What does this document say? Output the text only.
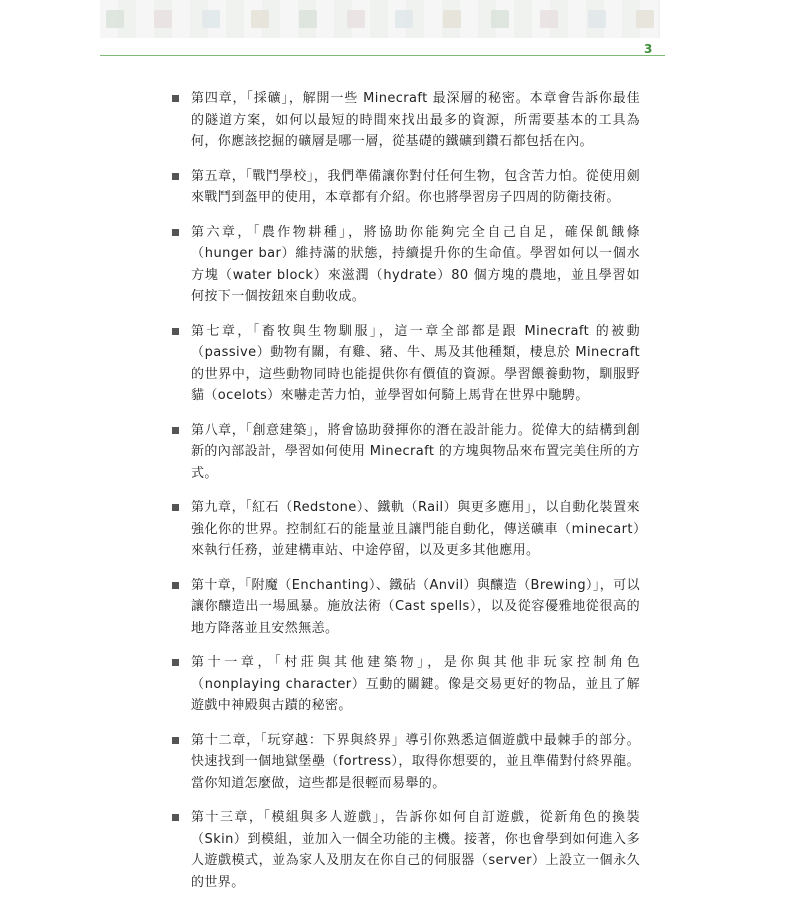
3
第四章，「採礦」，解開一些 Minecraft 最深層的秘密。本章會告訴你最佳的隧道方案，如何以最短的時間來找出最多的資源，所需要基本的工具為何，你應該挖掘的礦層是哪一層，從基礎的鐵礦到鑽石都包括在內。
第五章，「戰鬥學校」，我們準備讓你對付任何生物，包含苦力怕。從使用劍來戰鬥到盔甲的使用，本章都有介紹。你也將學習房子四周的防衛技術。
第六章，「農作物耕種」，將協助你能夠完全自己自足，確保飢餓條（hunger bar）維持滿的狀態，持續提升你的生命值。學習如何以一個水方塊（water block）來滋潤（hydrate）80 個方塊的農地，並且學習如何按下一個按鈕來自動收成。
第七章，「畜牧與生物馴服」，這一章全部都是跟 Minecraft 的被動（passive）動物有關，有雞、豬、牛、馬及其他種類，棲息於 Minecraft 的世界中，這些動物同時也能提供你有價值的資源。學習餵養動物，馴服野貓（ocelots）來嚇走苦力怕，並學習如何騎上馬背在世界中馳騁。
第八章，「創意建築」，將會協助發揮你的潛在設計能力。從偉大的結構到創新的內部設計，學習如何使用 Minecraft 的方塊與物品來布置完美住所的方式。
第九章，「紅石（Redstone）、鐵軌（Rail）與更多應用」，以自動化裝置來強化你的世界。控制紅石的能量並且讓門能自動化，傳送礦車（minecart）來執行任務，並建構車站、中途停留，以及更多其他應用。
第十章，「附魔（Enchanting）、鐵砧（Anvil）與釀造（Brewing）」，可以讓你釀造出一場風暴。施放法術（Cast spells），以及從容優雅地從很高的地方降落並且安然無恙。
第十一章，「村莊與其他建築物」，是你與其他非玩家控制角色（nonplaying character）互動的關鍵。像是交易更好的物品，並且了解遊戲中神殿與古蹟的秘密。
第十二章，「玩穿越：下界與終界」導引你熟悉這個遊戲中最棘手的部分。快速找到一個地獄堡壘（fortress），取得你想要的，並且準備對付終界龍。當你知道怎麼做，這些都是很輕而易舉的。
第十三章，「模組與多人遊戲」，告訴你如何自訂遊戲，從新角色的換裝（Skin）到模組，並加入一個全功能的主機。接著，你也會學到如何進入多人遊戲模式，並為家人及朋友在你自己的伺服器（server）上設立一個永久的世界。
